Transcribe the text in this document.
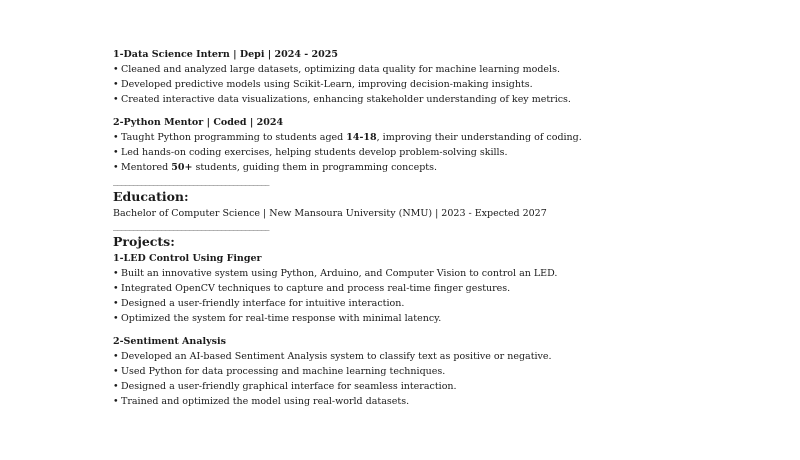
1-Data Science Intern | Depi | 2024 - 2025
• Cleaned and analyzed large datasets, optimizing data quality for machine learning models.
• Developed predictive models using Scikit-Learn, improving decision-making insights.
• Created interactive data visualizations, enhancing stakeholder understanding of key metrics.
2-Python Mentor | Coded | 2024
• Taught Python programming to students aged 14-18, improving their understanding of coding.
• Led hands-on coding exercises, helping students develop problem-solving skills.
• Mentored 50+ students, guiding them in programming concepts.
_______________________________________
Education:
Bachelor of Computer Science | New Mansoura University (NMU) | 2023 - Expected 2027
_______________________________________
Projects:
1-LED Control Using Finger
• Built an innovative system using Python, Arduino, and Computer Vision to control an LED.
• Integrated OpenCV techniques to capture and process real-time finger gestures.
• Designed a user-friendly interface for intuitive interaction.
• Optimized the system for real-time response with minimal latency.
2-Sentiment Analysis
• Developed an AI-based Sentiment Analysis system to classify text as positive or negative.
• Used Python for data processing and machine learning techniques.
• Designed a user-friendly graphical interface for seamless interaction.
• Trained and optimized the model using real-world datasets.
